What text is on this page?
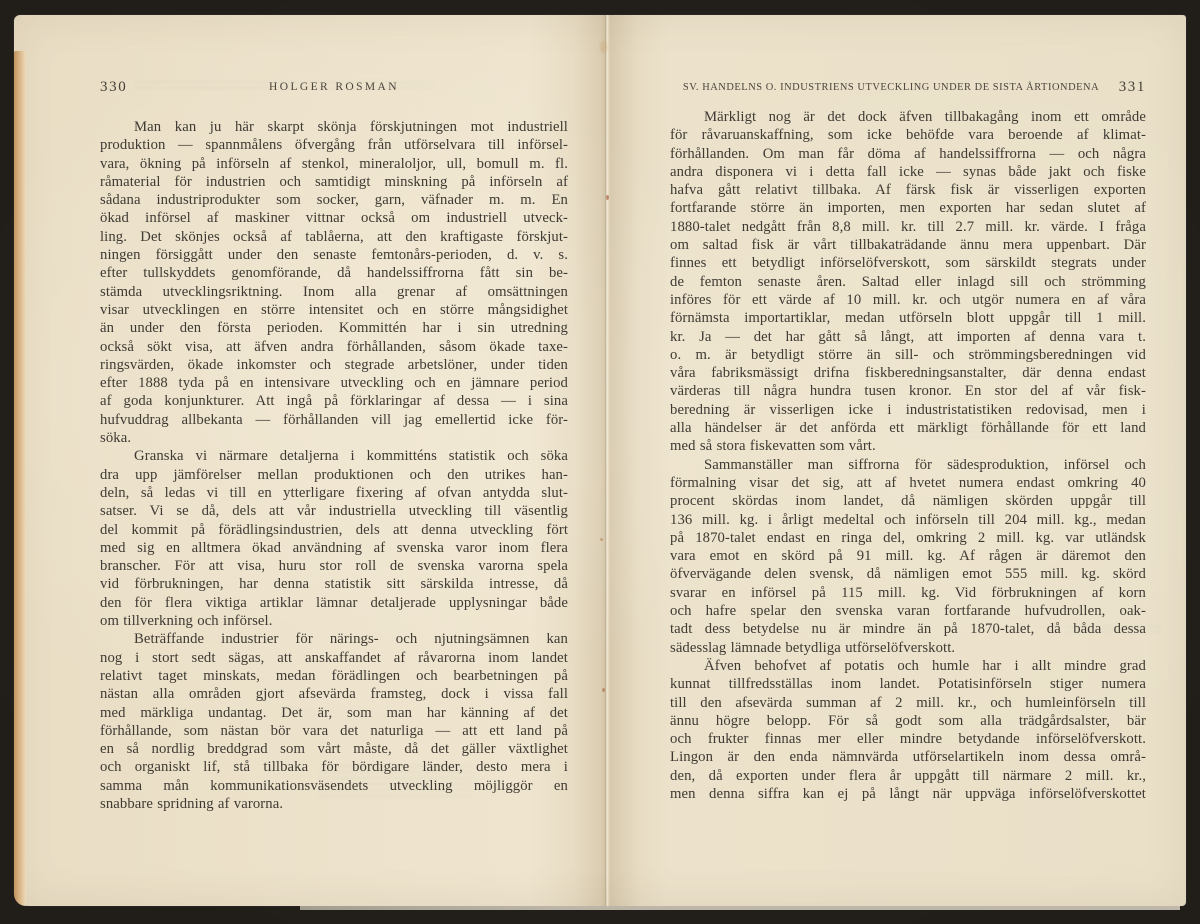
330	HOLGER ROSMAN
Man kan ju här skarpt skönja förskjutningen mot industriell
produktion — spannmålens öfvergång från utförselvara till införsel-
vara, ökning på införseln af stenkol, mineraloljor, ull, bomull m. fl.
råmaterial för industrien och samtidigt minskning på införseln af
sådana industriprodukter som socker, garn, väfnader m. m. En
ökad införsel af maskiner vittnar också om industriell utveck-
ling. Det skönjes också af tablåerna, att den kraftigaste förskjut-
ningen försiggått under den senaste femtonårs-perioden, d. v. s.
efter tullskyddets genomförande, då handelssiffrorna fått sin be-
stämda utvecklingsriktning. Inom alla grenar af omsättningen
visar utvecklingen en större intensitet och en större mångsidighet
än under den första perioden. Kommittén har i sin utredning
också sökt visa, att äfven andra förhållanden, såsom ökade taxe-
ringsvärden, ökade inkomster och stegrade arbetslöner, under tiden
efter 1888 tyda på en intensivare utveckling och en jämnare period
af goda konjunkturer. Att ingå på förklaringar af dessa — i sina
hufvuddrag allbekanta — förhållanden vill jag emellertid icke för-
söka.
Granska vi närmare detaljerna i kommitténs statistik och söka
dra upp jämförelser mellan produktionen och den utrikes han-
deln, så ledas vi till en ytterligare fixering af ofvan antydda slut-
satser. Vi se då, dels att vår industriella utveckling till väsentlig
del kommit på förädlingsindustrien, dels att denna utveckling fört
med sig en alltmera ökad användning af svenska varor inom flera
branscher. För att visa, huru stor roll de svenska varorna spela
vid förbrukningen, har denna statistik sitt särskilda intresse, då
den för flera viktiga artiklar lämnar detaljerade upplysningar både
om tillverkning och införsel.
Beträffande industrier för närings- och njutningsämnen kan
nog i stort sedt sägas, att anskaffandet af råvarorna inom landet
relativt taget minskats, medan förädlingen och bearbetningen på
nästan alla områden gjort afsevärda framsteg, dock i vissa fall
med märkliga undantag. Det är, som man har känning af det
förhållande, som nästan bör vara det naturliga — att ett land på
en så nordlig breddgrad som vårt måste, då det gäller växtlighet
och organiskt lif, stå tillbaka för bördigare länder, desto mera i
samma mån kommunikationsväsendets utveckling möjliggör en
snabbare spridning af varorna.
SV. HANDELNS O. INDUSTRIENS UTVECKLING UNDER DE SISTA ÅRTIONDENA	331
Märkligt nog är det dock äfven tillbakagång inom ett område
för råvaruanskaffning, som icke behöfde vara beroende af klimat-
förhållanden. Om man får döma af handelssiffrorna — och några
andra disponera vi i detta fall icke — synas både jakt och fiske
hafva gått relativt tillbaka. Af färsk fisk är visserligen exporten
fortfarande större än importen, men exporten har sedan slutet af
1880-talet nedgått från 8,8 mill. kr. till 2.7 mill. kr. värde. I fråga
om saltad fisk är vårt tillbakaträdande ännu mera uppenbart. Där
finnes ett betydligt införselöfverskott, som särskildt stegrats under
de femton senaste åren. Saltad eller inlagd sill och strömming
införes för ett värde af 10 mill. kr. och utgör numera en af våra
förnämsta importartiklar, medan utförseln blott uppgår till 1 mill.
kr. Ja — det har gått så långt, att importen af denna vara t.
o. m. är betydligt större än sill- och strömmingsberedningen vid
våra fabriksmässigt drifna fiskberedningsanstalter, där denna endast
värderas till några hundra tusen kronor. En stor del af vår fisk-
beredning är visserligen icke i industristatistiken redovisad, men i
alla händelser är det anförda ett märkligt förhållande för ett land
med så stora fiskevatten som vårt.
Sammanställer man siffrorna för sädesproduktion, införsel och
förmalning visar det sig, att af hvetet numera endast omkring 40
procent skördas inom landet, då nämligen skörden uppgår till
136 mill. kg. i årligt medeltal och införseln till 204 mill. kg., medan
på 1870-talet endast en ringa del, omkring 2 mill. kg. var utländsk
vara emot en skörd på 91 mill. kg. Af rågen är däremot den
öfvervägande delen svensk, då nämligen emot 555 mill. kg. skörd
svarar en införsel på 115 mill. kg. Vid förbrukningen af korn
och hafre spelar den svenska varan fortfarande hufvudrollen, oak-
tadt dess betydelse nu är mindre än på 1870-talet, då båda dessa
sädesslag lämnade betydliga utförselöfverskott.
Äfven behofvet af potatis och humle har i allt mindre grad
kunnat tillfredsställas inom landet. Potatisinförseln stiger numera
till den afsevärda summan af 2 mill. kr., och humleinförseln till
ännu högre belopp. För så godt som alla trädgårdsalster, bär
och frukter finnas mer eller mindre betydande införselöfverskott.
Lingon är den enda nämnvärda utförselartikeln inom dessa områ-
den, då exporten under flera år uppgått till närmare 2 mill. kr.,
men denna siffra kan ej på långt när uppväga införselöfverskottet
